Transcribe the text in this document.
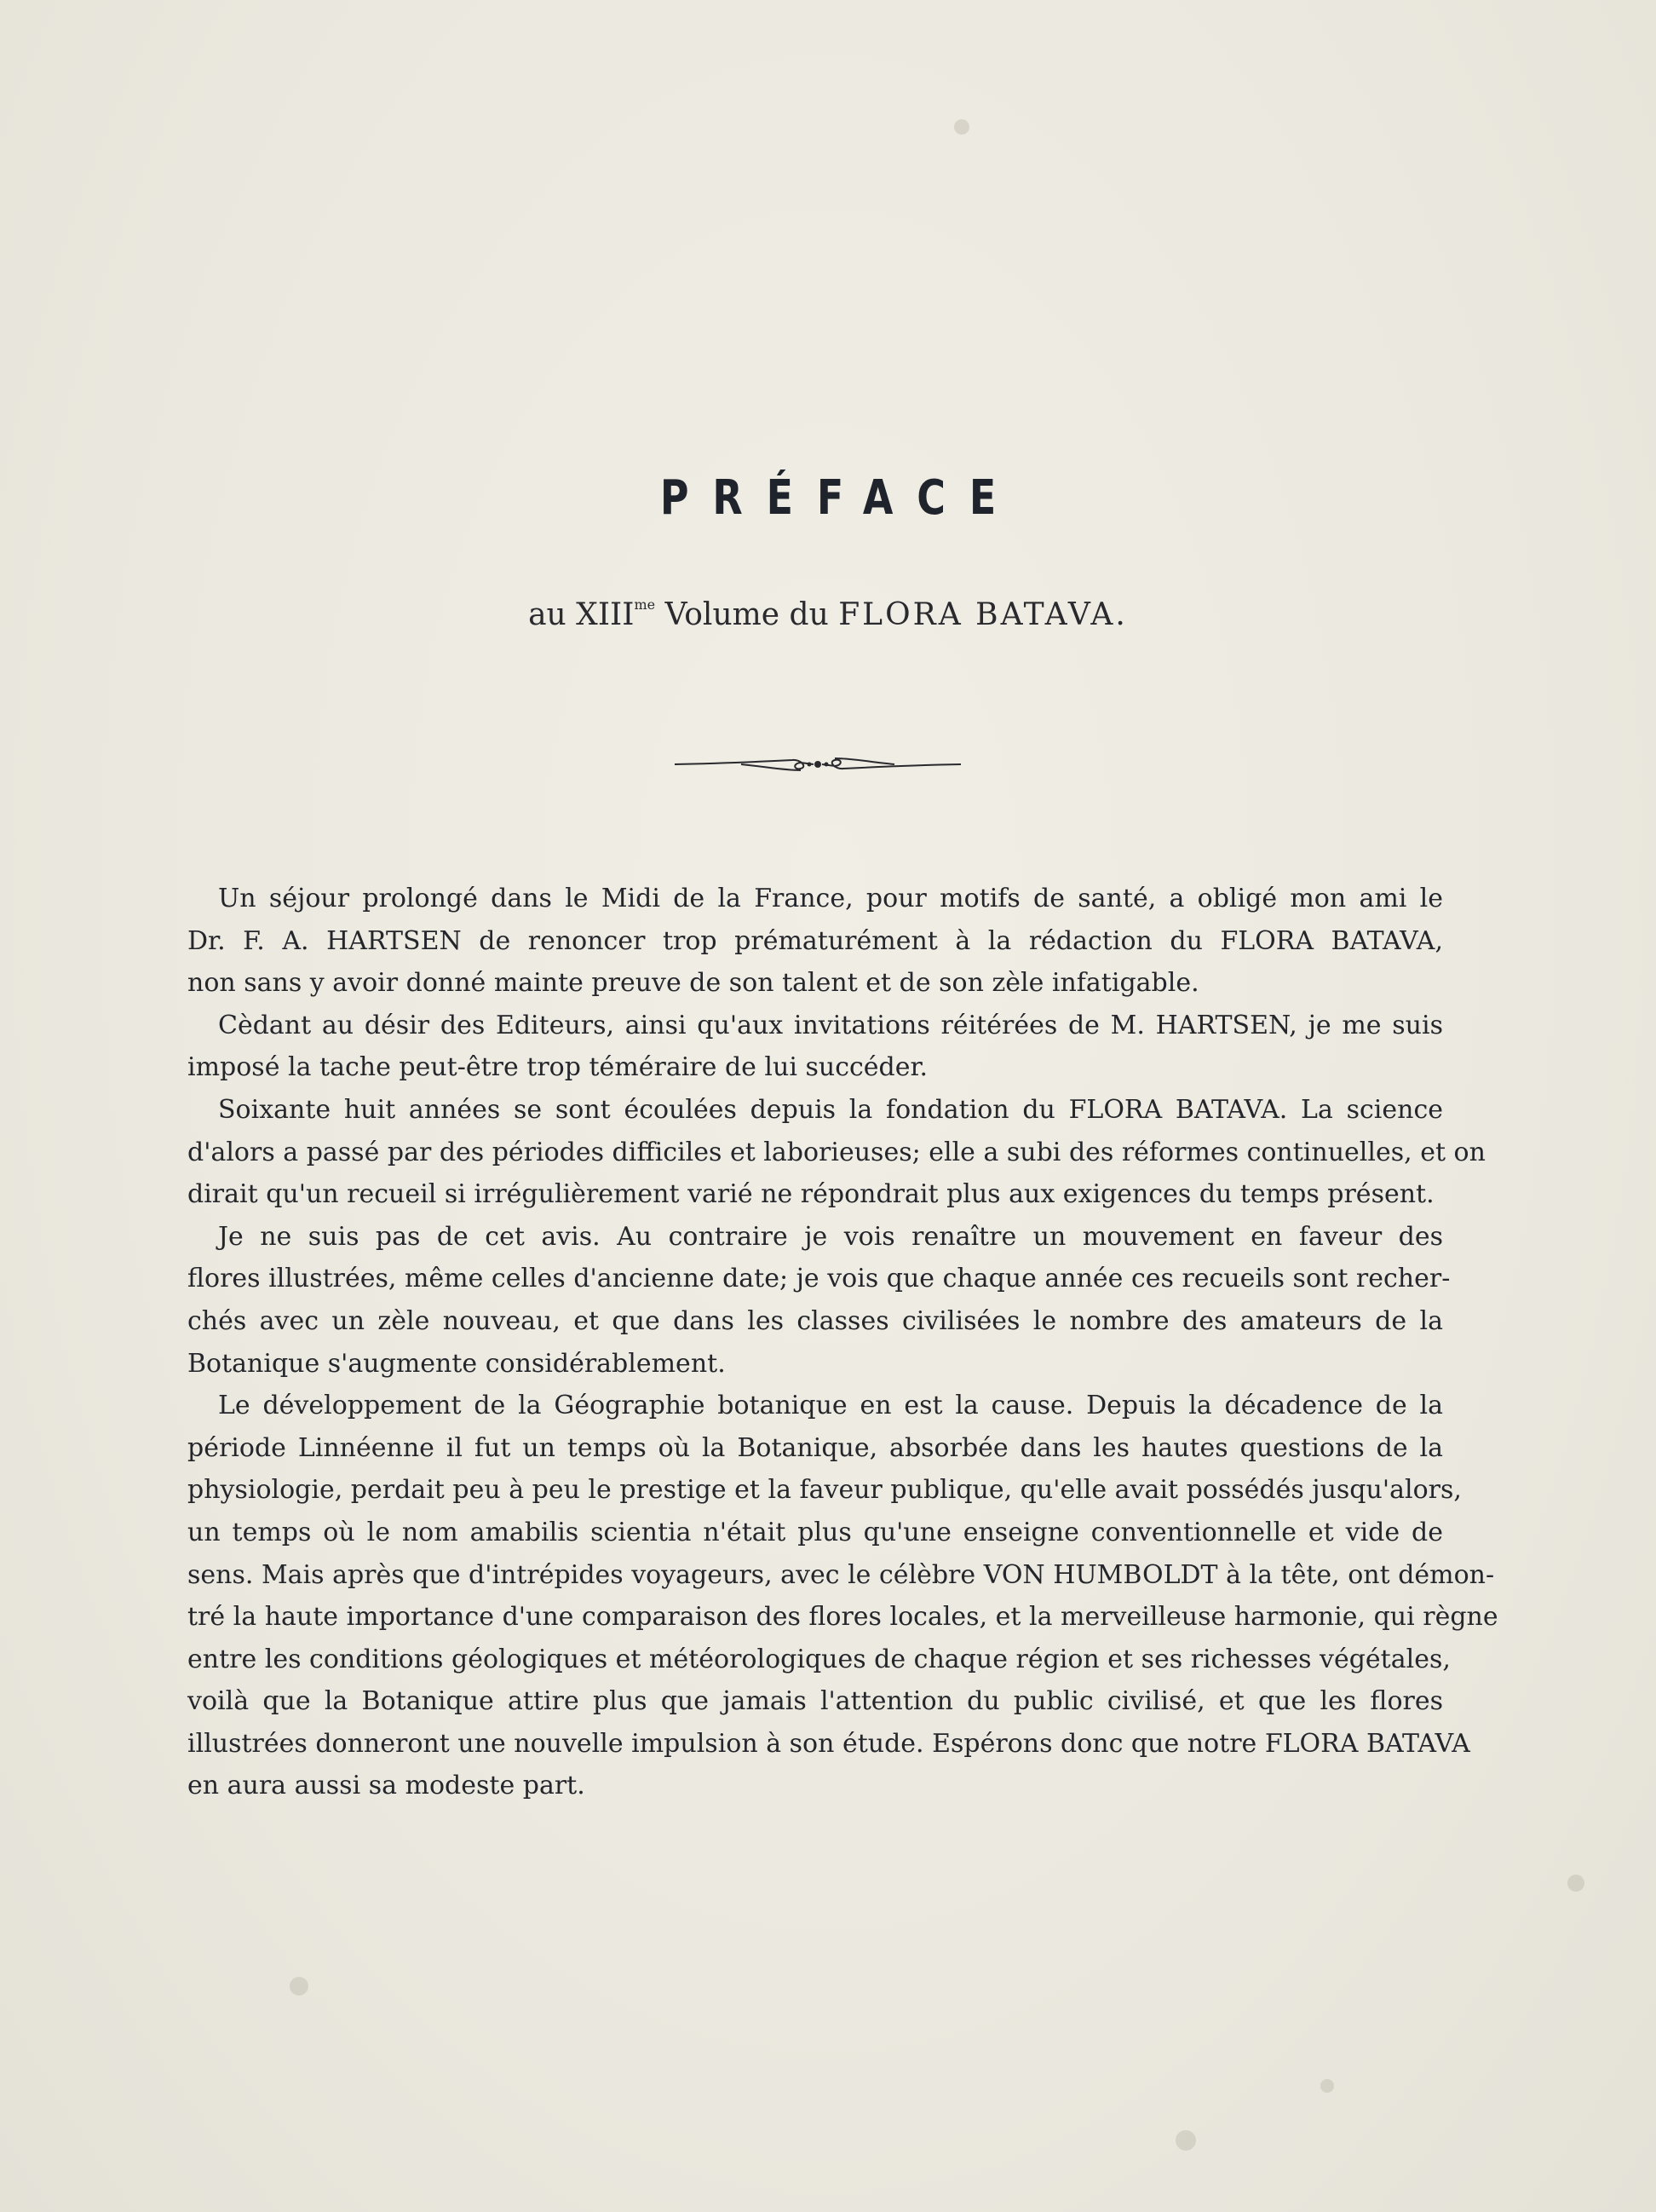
PRÉFACE
au $XIII^{me}$ Volume du FLORA BATAVA.

Un séjour prolongé dans le Midi de la France, pour motifs de santé, a obligé mon ami le
Dr. F. A. HARTSEN de renoncer trop prématurément à la rédaction du FLORA BATAVA,
non sans y avoir donné mainte preuve de son talent et de son zèle infatigable.

Cèdant au désir des Editeurs, ainsi qu'aux invitations réitérées de M. HARTSEN, je me suis
imposé la tache peut-être trop téméraire de lui succéder.

Soixante huit années se sont écoulées depuis la fondation du FLORA BATAVA. La science
d'alors a passé par des périodes difficiles et laborieuses; elle a subi des réformes continuelles, et on
dirait qu'un recueil si irrégulièrement varié ne répondrait plus aux exigences du temps présent.

Je ne suis pas de cet avis. Au contraire je vois renaître un mouvement en faveur des
flores illustrées, même celles d'ancienne date; je vois que chaque année ces recueils sont recher-
chés avec un zèle nouveau, et que dans les classes civilisées le nombre des amateurs de la
Botanique s'augmente considérablement.

Le développement de la Géographie botanique en est la cause. Depuis la décadence de la
période Linnéenne il fut un temps où la Botanique, absorbée dans les hautes questions de la
physiologie, perdait peu à peu le prestige et la faveur publique, qu'elle avait possédés jusqu'alors,
un temps où le nom amabilis scientia n'était plus qu'une enseigne conventionnelle et vide de
sens. Mais après que d'intrépides voyageurs, avec le célèbre VON HUMBOLDT à la tête, ont démon-
tré la haute importance d'une comparaison des flores locales, et la merveilleuse harmonie, qui règne
entre les conditions géologiques et météorologiques de chaque région et ses richesses végétales,
voilà que la Botanique attire plus que jamais l'attention du public civilisé, et que les flores
illustrées donneront une nouvelle impulsion à son étude. Espérons donc que notre FLORA BATAVA
en aura aussi sa modeste part.
